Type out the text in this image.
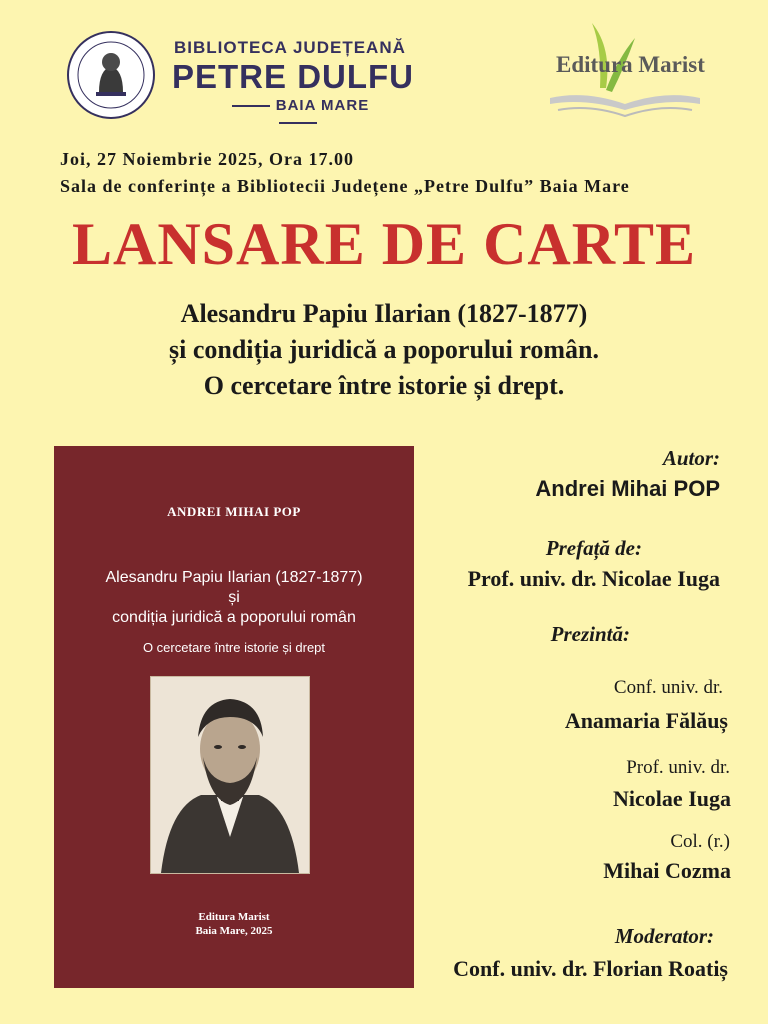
BIBLIOTECA JUDEȚEANĂ
PETRE DULFU
BAIA MARE
Editura Marist
Joi, 27 Noiembrie 2025, Ora 17.00
Sala de conferințe a Bibliotecii Județene „Petre Dulfu” Baia Mare
LANSARE DE CARTE
Alesandru Papiu Ilarian (1827-1877)
și condiția juridică a poporului român.
O cercetare între istorie și drept.
ANDREI MIHAI POP
Alesandru Papiu Ilarian (1827-1877)
și
condiția juridică a poporului român
O cercetare între istorie și drept
Editura Marist
Baia Mare, 2025
Autor:
Andrei Mihai POP
Prefață de:
Prof. univ. dr. Nicolae Iuga
Prezintă:
Conf. univ. dr.
Anamaria Fălăuș
Prof. univ. dr.
Nicolae Iuga
Col. (r.)
Mihai Cozma
Moderator:
Conf. univ. dr. Florian Roatiș
